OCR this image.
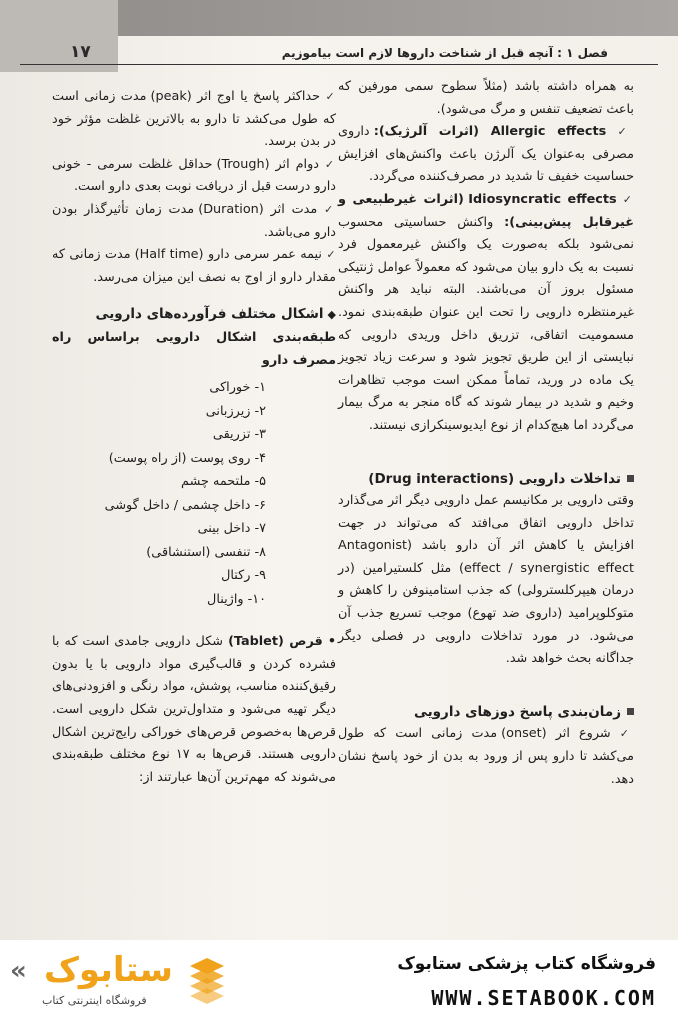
۱۷	فصل ۱ : آنچه قبل از شناخت داروها لازم است بیاموزیم

به همراه داشته باشد (مثلاً سطوح سمی مورفین که باعث تضعیف تنفس و مرگ می‌شود).

✓ Allergic effects (اثرات آلرژیک): داروی مصرفی به‌عنوان یک آلرژن باعث واکنش‌های افزایش حساسیت خفیف تا شدید در مصرف‌کننده می‌گردد.

✓ Idiosyncratic effects (اثرات غیرطبیعی و غیرقابل پیش‌بینی): واکنش حساسیتی محسوب نمی‌شود بلکه به‌صورت یک واکنش غیرمعمول فرد نسبت به یک دارو بیان می‌شود که معمولاً عوامل ژنتیکی مسئول بروز آن می‌باشند. البته نباید هر واکنش غیرمنتظره دارویی را تحت این عنوان طبقه‌بندی نمود. مسمومیت اتفاقی، تزریق داخل وریدی دارویی که نبایستی از این طریق تجویز شود و سرعت زیاد تجویز یک ماده در ورید، تماماً ممکن است موجب تظاهرات وخیم و شدید در بیمار شوند که گاه منجر به مرگ بیمار می‌گردد اما هیچ‌کدام از نوع ایدیوسینکرازی نیستند.

تداخلات دارویی (Drug interactions)

وقتی دارویی بر مکانیسم عمل دارویی دیگر اثر می‌گذارد تداخل دارویی اتفاق می‌افتد که می‌تواند در جهت افزایش یا کاهش اثر آن دارو باشد (Antagonist effect / synergistic effect) مثل کلستیرامین (در درمان هیپرکلسترولی) که جذب استامینوفن را کاهش و متوکلوپرامید (داروی ضد تهوع) موجب تسریع جذب آن می‌شود. در مورد تداخلات دارویی در فصلی دیگر جداگانه بحث خواهد شد.

زمان‌بندی پاسخ دوزهای دارویی

✓ شروع اثر (onset) مدت زمانی است که طول می‌کشد تا دارو پس از ورود به بدن از خود پاسخ نشان دهد.

✓ حداکثر پاسخ یا اوج اثر (peak) مدت زمانی است که طول می‌کشد تا دارو به بالاترین غلظت مؤثر خود در بدن برسد.

✓ دوام اثر (Trough) حداقل غلظت سرمی - خونی دارو درست قبل از دریافت نوبت بعدی دارو است.

✓ مدت اثر (Duration) مدت زمان تأثیرگذار بودن دارو می‌باشد.

✓ نیمه عمر سرمی دارو (Half time) مدت زمانی که مقدار دارو از اوج به نصف این میزان می‌رسد.

◆اشکال مختلف فرآورده‌های دارویی

طبقه‌بندی اشکال دارویی براساس راه مصرف دارو

۱- خوراکی
۲- زیرزبانی
۳- تزریقی
۴- روی پوست (از راه پوست)
۵- ملتحمه چشم
۶- داخل چشمی / داخل گوشی
۷- داخل بینی
۸- تنفسی (استنشاقی)
۹- رکتال
۱۰- واژینال

• قرص (Tablet) شکل دارویی جامدی است که با فشرده کردن و قالب‌گیری مواد دارویی با یا بدون رقیق‌کننده مناسب، پوشش، مواد رنگی و افزودنی‌های دیگر تهیه می‌شود و متداول‌ترین شکل دارویی است. قرص‌ها به‌خصوص قرص‌های خوراکی رایج‌ترین اشکال دارویی هستند. قرص‌ها به ۱۷ نوع مختلف طبقه‌بندی می‌شوند که مهم‌ترین آن‌ها عبارتند از:

« ستابوک
فروشگاه اینترنتی کتاب
فروشگاه کتاب پزشکی ستابوک
WWW.SETABOOK.COM
